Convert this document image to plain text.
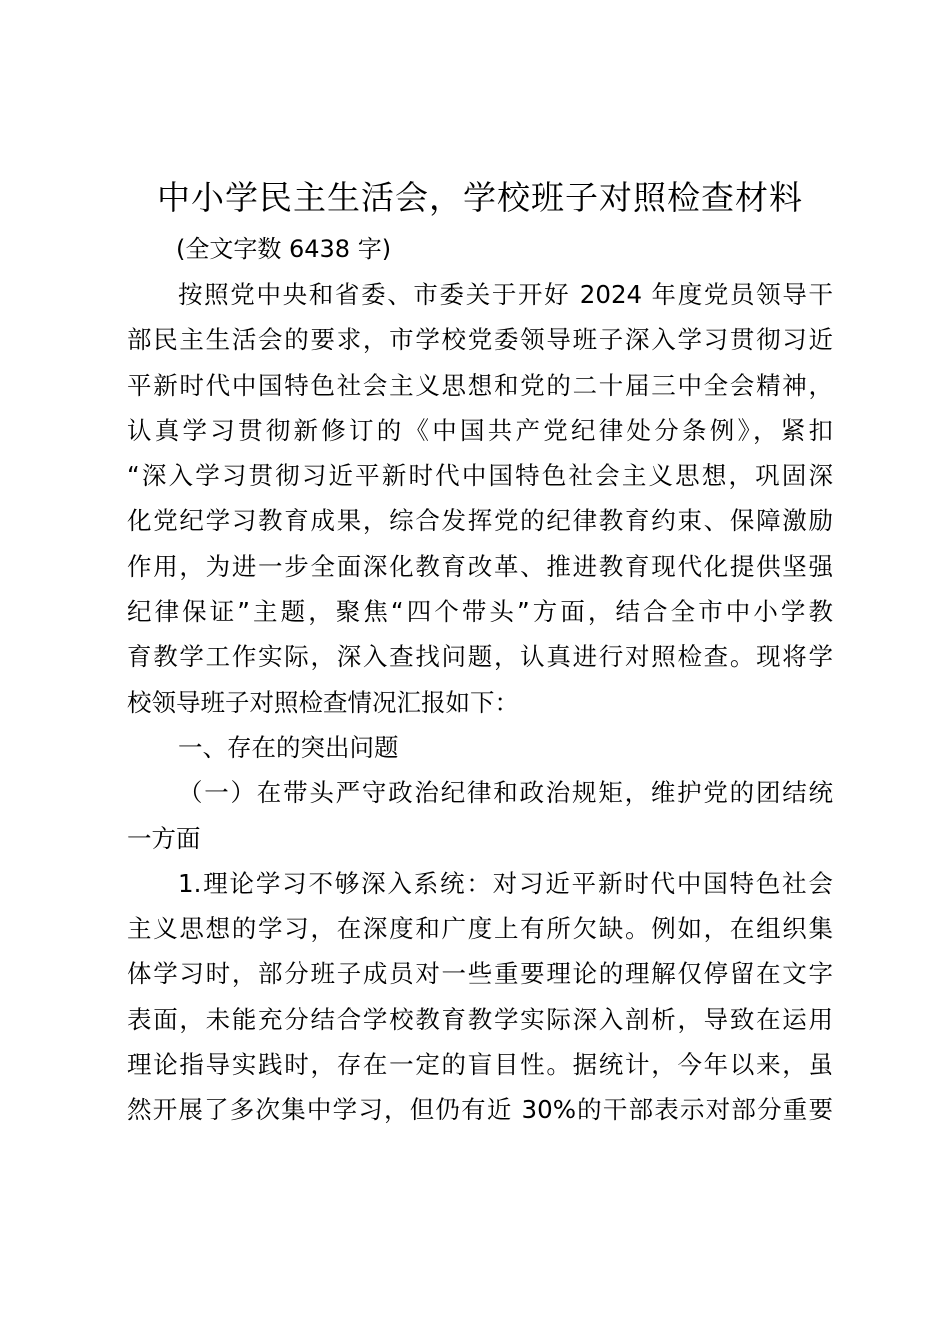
中小学民主生活会，学校班子对照检查材料

(全文字数 6438 字)

按照党中央和省委、市委关于开好 2024 年度党员领导干
部民主生活会的要求，市学校党委领导班子深入学习贯彻习近
平新时代中国特色社会主义思想和党的二十届三中全会精神，
认真学习贯彻新修订的《中国共产党纪律处分条例》，紧扣
“深入学习贯彻习近平新时代中国特色社会主义思想，巩固深
化党纪学习教育成果，综合发挥党的纪律教育约束、保障激励
作用，为进一步全面深化教育改革、推进教育现代化提供坚强
纪律保证”主题，聚焦“四个带头”方面，结合全市中小学教
育教学工作实际，深入查找问题，认真进行对照检查。现将学
校领导班子对照检查情况汇报如下：
一、存在的突出问题
（一）在带头严守政治纪律和政治规矩，维护党的团结统
一方面
1.理论学习不够深入系统：对习近平新时代中国特色社会
主义思想的学习，在深度和广度上有所欠缺。例如，在组织集
体学习时，部分班子成员对一些重要理论的理解仅停留在文字
表面，未能充分结合学校教育教学实际深入剖析，导致在运用
理论指导实践时，存在一定的盲目性。据统计，今年以来，虽
然开展了多次集中学习，但仍有近 30%的干部表示对部分重要
